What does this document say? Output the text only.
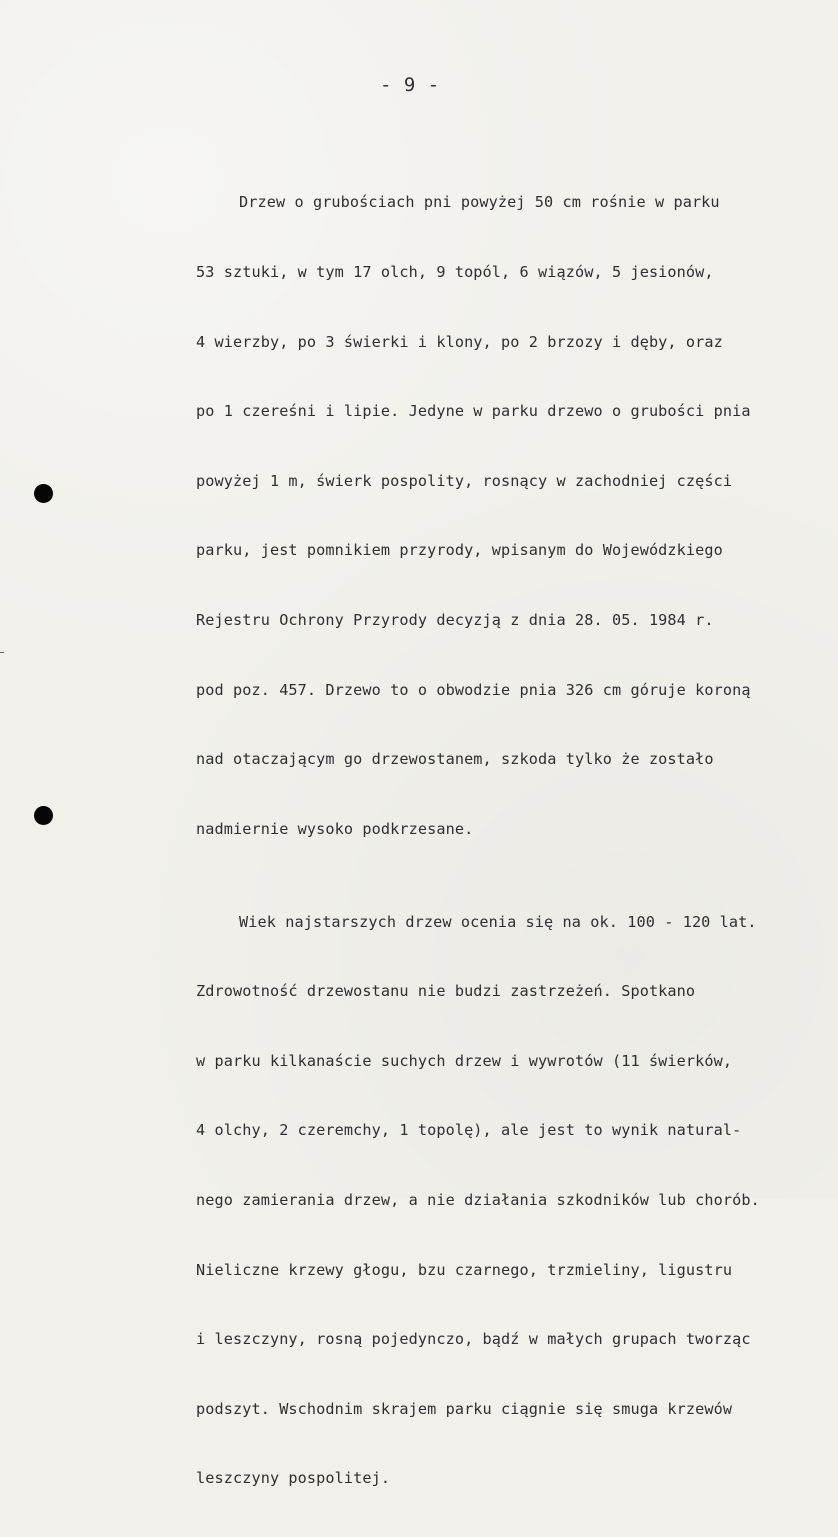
- 9 -

Drzew o grubościach pni powyżej 50 cm rośnie w parku

53 sztuki, w tym 17 olch, 9 topól, 6 wiązów, 5 jesionów,

4 wierzby, po 3 świerki i klony, po 2 brzozy i dęby, oraz

po 1 czereśni i lipie. Jedyne w parku drzewo o grubości pnia

powyżej 1 m, świerk pospolity, rosnący w zachodniej części

parku, jest pomnikiem przyrody, wpisanym do Wojewódzkiego

Rejestru Ochrony Przyrody decyzją z dnia 28. 05. 1984 r.

pod poz. 457. Drzewo to o obwodzie pnia 326 cm góruje koroną

nad otaczającym go drzewostanem, szkoda tylko że zostało

nadmiernie wysoko podkrzesane.

Wiek najstarszych drzew ocenia się na ok. 100 - 120 lat.

Zdrowotność drzewostanu nie budzi zastrzeżeń. Spotkano

w parku kilkanaście suchych drzew i wywrotów (11 świerków,

4 olchy, 2 czeremchy, 1 topolę), ale jest to wynik natural-

nego zamierania drzew, a nie działania szkodników lub chorób.

Nieliczne krzewy głogu, bzu czarnego, trzmieliny, ligustru

i leszczyny, rosną pojedynczo, bądź w małych grupach tworząc

podszyt. Wschodnim skrajem parku ciągnie się smuga krzewów

leszczyny pospolitej.
